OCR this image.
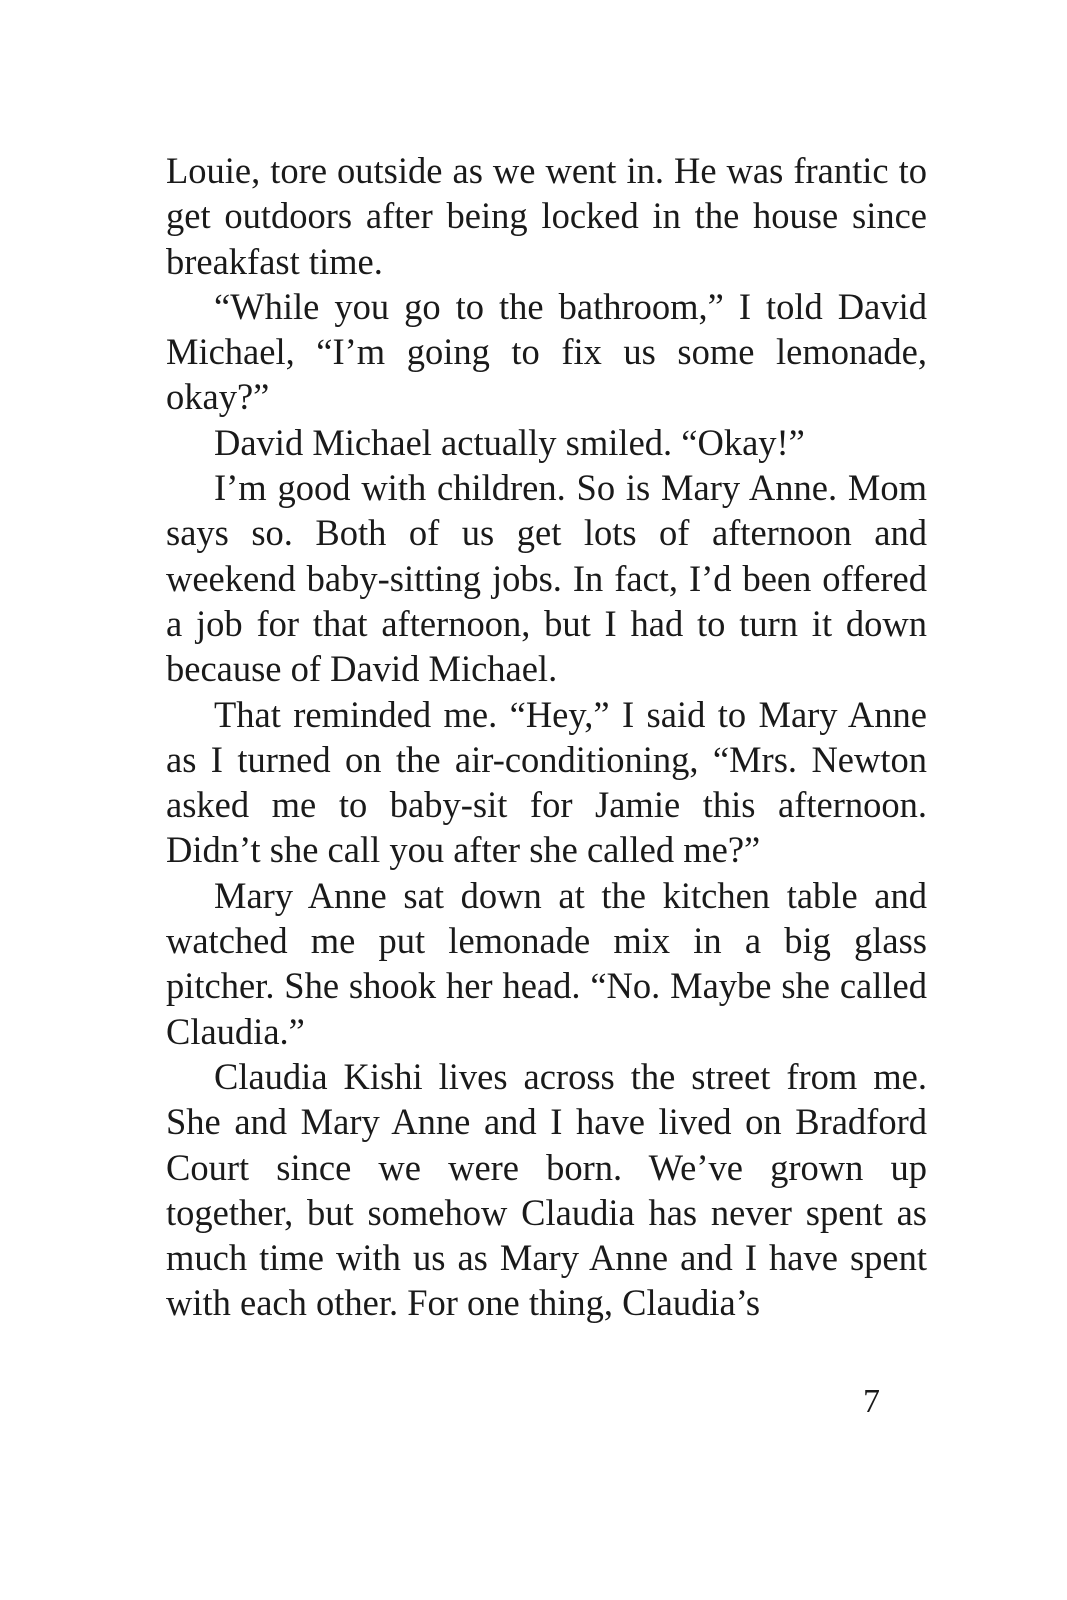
Louie, tore outside as we went in. He was frantic to get outdoors after being locked in the house since breakfast time.

“While you go to the bathroom,” I told David Michael, “I’m going to fix us some lemonade, okay?”

David Michael actually smiled. “Okay!”

I’m good with children. So is Mary Anne. Mom says so. Both of us get lots of afternoon and weekend baby-sitting jobs. In fact, I’d been offered a job for that afternoon, but I had to turn it down because of David Michael.

That reminded me. “Hey,” I said to Mary Anne as I turned on the air-conditioning, “Mrs. Newton asked me to baby-sit for Jamie this afternoon. Didn’t she call you after she called me?”

Mary Anne sat down at the kitchen table and watched me put lemonade mix in a big glass pitcher. She shook her head. “No. Maybe she called Claudia.”

Claudia Kishi lives across the street from me. She and Mary Anne and I have lived on Bradford Court since we were born. We’ve grown up together, but somehow Claudia has never spent as much time with us as Mary Anne and I have spent with each other. For one thing, Claudia’s

7
